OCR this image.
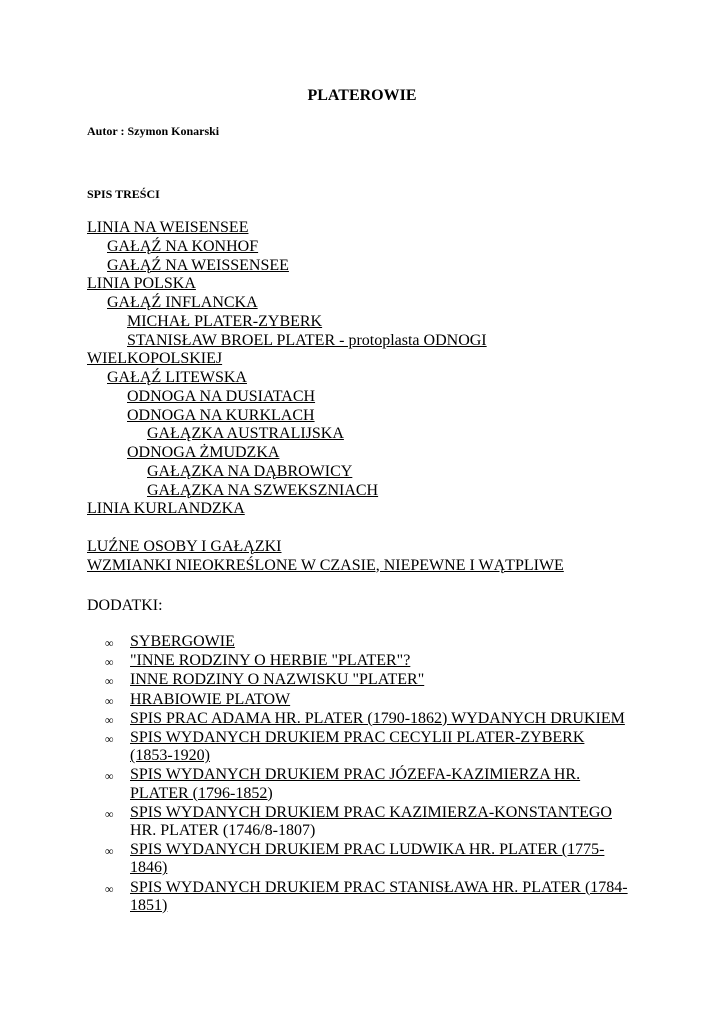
PLATEROWIE
Autor : Szymon Konarski
SPIS TREŚCI
LINIA NA WEISENSEE
GAŁĄŹ NA KONHOF
GAŁĄŹ NA WEISSENSEE
LINIA POLSKA
GAŁĄŹ INFLANCKA
MICHAŁ PLATER-ZYBERK
STANISŁAW BROEL PLATER - protoplasta ODNOGI
WIELKOPOLSKIEJ
GAŁĄŹ LITEWSKA
ODNOGA NA DUSIATACH
ODNOGA NA KURKLACH
GAŁĄZKA AUSTRALIJSKA
ODNOGA ŻMUDZKA
GAŁĄZKA NA DĄBROWICY
GAŁĄZKA NA SZWEKSZNIACH
LINIA KURLANDZKA
LUŹNE OSOBY I GAŁĄZKI
WZMIANKI NIEOKREŚLONE W CZASIE, NIEPEWNE I WĄTPLIWE
DODATKI:
∞ SYBERGOWIE
∞ "INNE RODZINY O HERBIE "PLATER"?
∞ INNE RODZINY O NAZWISKU "PLATER"
∞ HRABIOWIE PLATOW
∞ SPIS PRAC ADAMA HR. PLATER (1790-1862) WYDANYCH DRUKIEM
∞ SPIS WYDANYCH DRUKIEM PRAC CECYLII PLATER-ZYBERK (1853-1920)
∞ SPIS WYDANYCH DRUKIEM PRAC JÓZEFA-KAZIMIERZA HR. PLATER (1796-1852)
∞ SPIS WYDANYCH DRUKIEM PRAC KAZIMIERZA-KONSTANTEGO HR. PLATER (1746/8-1807)
∞ SPIS WYDANYCH DRUKIEM PRAC LUDWIKA HR. PLATER (1775-1846)
∞ SPIS WYDANYCH DRUKIEM PRAC STANISŁAWA HR. PLATER (1784-1851)
